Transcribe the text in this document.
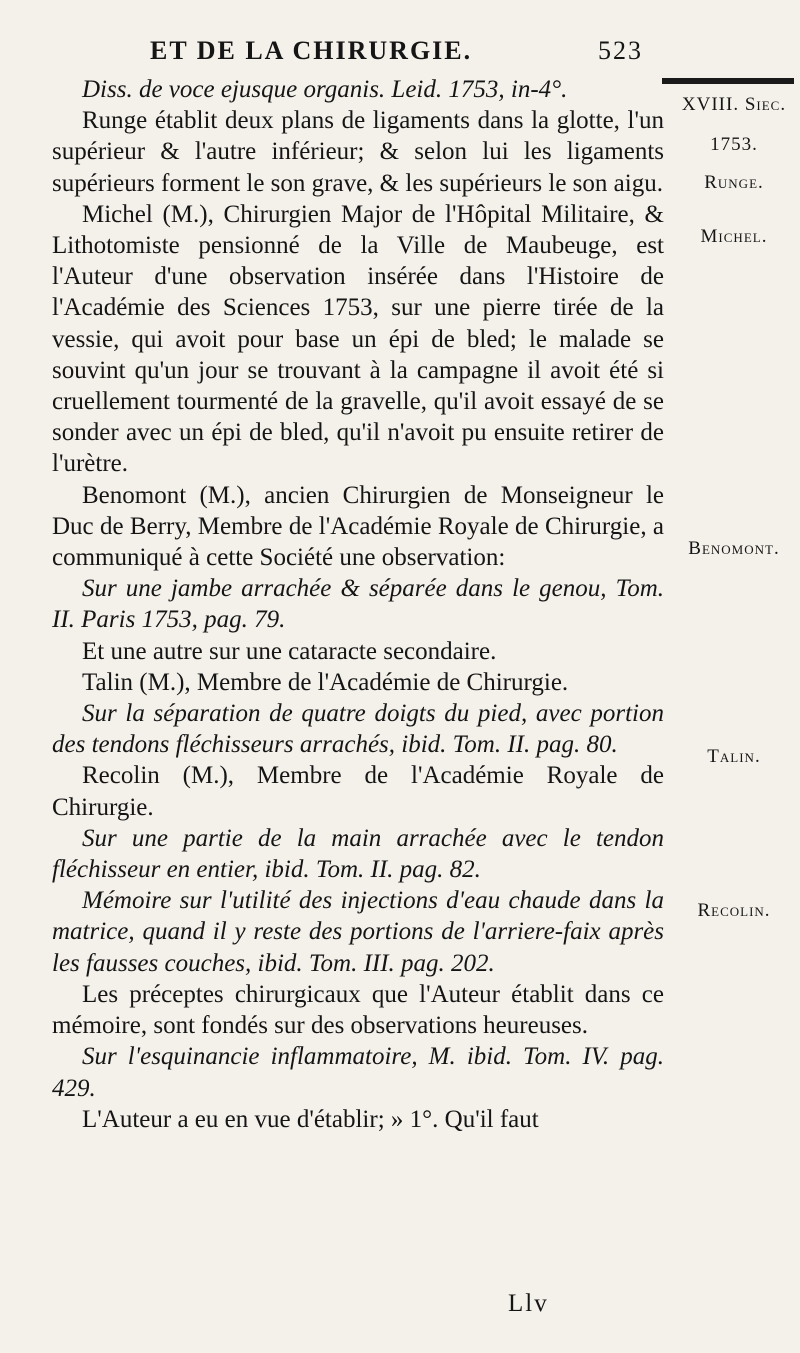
ET DE LA CHIRURGIE.	523
XVIII. Siec.
1753.
Runge.
Michel.
Benomont.
Talin.
Recolin.

Diss. de voce ejusque organis. Leid. 1753, in-4°.

Runge établit deux plans de ligaments dans la glotte, l'un supérieur & l'autre inférieur; & selon lui les ligaments supérieurs forment le son grave, & les supérieurs le son aigu.

Michel (M.), Chirurgien Major de l'Hôpital Militaire, & Lithotomiste pensionné de la Ville de Maubeuge, est l'Auteur d'une observation insérée dans l'Histoire de l'Académie des Sciences 1753, sur une pierre tirée de la vessie, qui avoit pour base un épi de bled; le malade se souvint qu'un jour se trouvant à la campagne il avoit été si cruellement tourmenté de la gravelle, qu'il avoit essayé de se sonder avec un épi de bled, qu'il n'avoit pu ensuite retirer de l'urètre.

Benomont (M.), ancien Chirurgien de Monseigneur le Duc de Berry, Membre de l'Académie Royale de Chirurgie, a communiqué à cette Société une observation:

Sur une jambe arrachée & séparée dans le genou, Tom. II. Paris 1753, pag. 79.

Et une autre sur une cataracte secondaire.

Talin (M.), Membre de l'Académie de Chirurgie.

Sur la séparation de quatre doigts du pied, avec portion des tendons fléchisseurs arrachés, ibid. Tom. II. pag. 80.

Recolin (M.), Membre de l'Académie Royale de Chirurgie.

Sur une partie de la main arrachée avec le tendon fléchisseur en entier, ibid. Tom. II. pag. 82.

Mémoire sur l'utilité des injections d'eau chaude dans la matrice, quand il y reste des portions de l'arriere-faix après les fausses couches, ibid. Tom. III. pag. 202.

Les préceptes chirurgicaux que l'Auteur établit dans ce mémoire, sont fondés sur des observations heureuses.

Sur l'esquinancie inflammatoire, M. ibid. Tom. IV. pag. 429.

L'Auteur a eu en vue d'établir; » 1°. Qu'il faut

Llv
